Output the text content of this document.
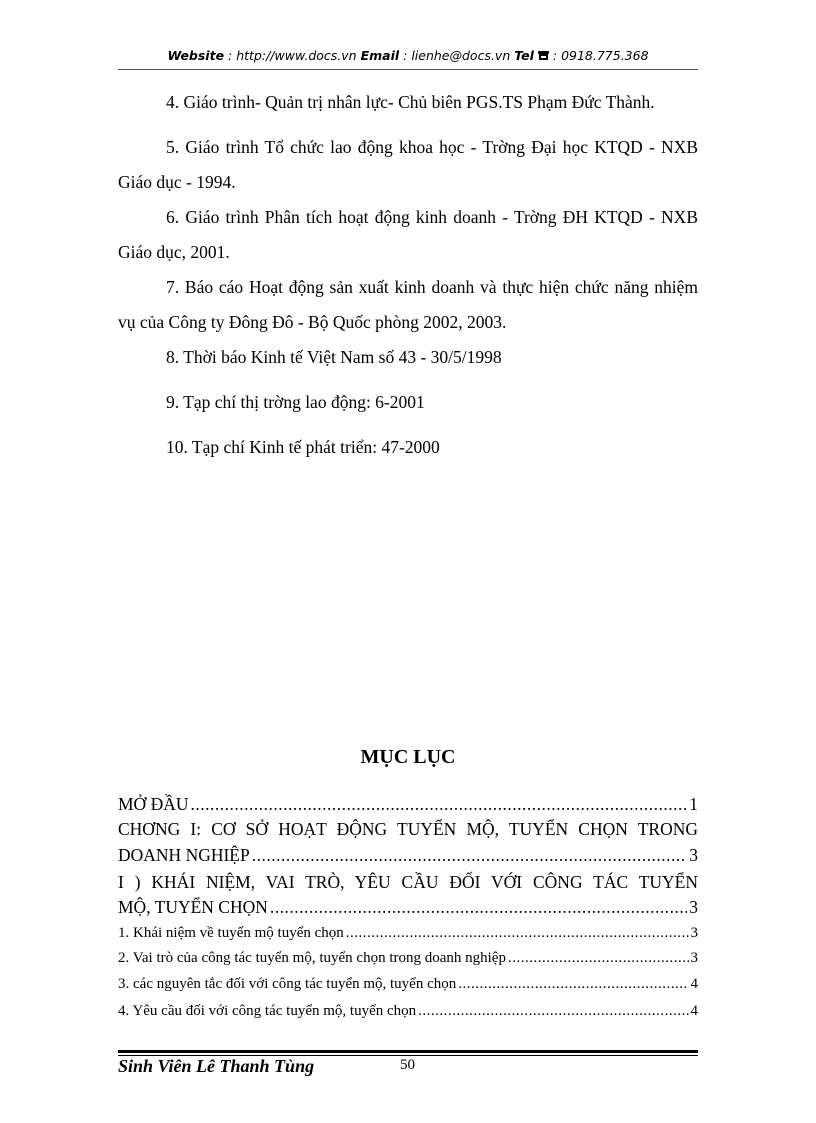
Website : http://www.docs.vn Email : lienhe@docs.vn Tel  : 0918.775.368
4. Giáo trình- Quản trị nhân lực- Chủ biên PGS.TS Phạm Đức Thành.
5. Giáo trình Tổ chức lao động khoa học - Trờng Đại học KTQD - NXB Giáo dục - 1994.
6. Giáo trình Phân tích hoạt động kinh doanh - Trờng ĐH KTQD - NXB Giáo dục, 2001.
7. Báo cáo Hoạt động sản xuất kinh doanh và thực hiện chức năng nhiệm vụ của Công ty Đông Đô - Bộ Quốc phòng 2002, 2003.
8. Thời báo Kinh tế Việt Nam số 43 - 30/5/1998
9. Tạp chí thị trờng lao động: 6-2001
10. Tạp chí Kinh tế phát triển: 47-2000
MỤC LỤC
MỞ ĐẦU .....	1
CHƠNG I: CƠ SỞ HOẠT ĐỘNG TUYỂN MỘ, TUYỂN CHỌN TRONG
DOANH NGHIỆP .....	3
I ) KHÁI NIỆM, VAI TRÒ, YÊU CẦU ĐỐI VỚI CÔNG TÁC TUYỂN
MỘ, TUYỂN CHỌN .....	3
1. Khái niệm về tuyển mộ tuyển chọn .....	3
2. Vai trò của công tác tuyển mộ, tuyển chọn trong doanh nghiệp .....	3
3. các nguyên tắc đối với công tác tuyển mộ, tuyển chọn .....	4
4. Yêu cầu đối với công tác tuyển mộ, tuyển chọn .....	4
Sinh Viên Lê Thanh Tùng	50
